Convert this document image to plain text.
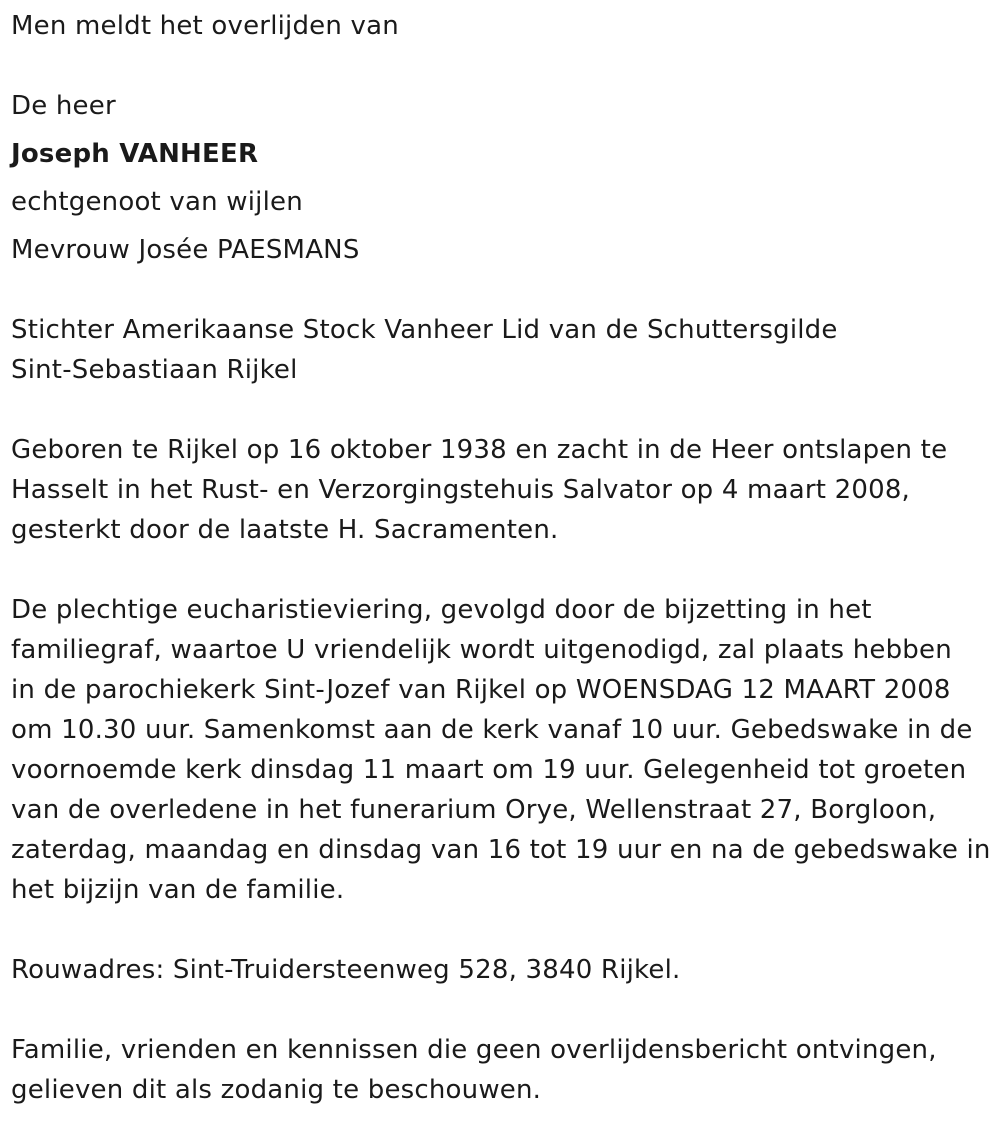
Men meldt het overlijden van
De heer
Joseph VANHEER
echtgenoot van wijlen
Mevrouw Josée PAESMANS
Stichter Amerikaanse Stock Vanheer Lid van de Schuttersgilde
Sint-Sebastiaan Rijkel
Geboren te Rijkel op 16 oktober 1938 en zacht in de Heer ontslapen te
Hasselt in het Rust- en Verzorgingstehuis Salvator op 4 maart 2008,
gesterkt door de laatste H. Sacramenten.
De plechtige eucharistieviering, gevolgd door de bijzetting in het
familiegraf, waartoe U vriendelijk wordt uitgenodigd, zal plaats hebben
in de parochiekerk Sint-Jozef van Rijkel op WOENSDAG 12 MAART 2008
om 10.30 uur. Samenkomst aan de kerk vanaf 10 uur. Gebedswake in de
voornoemde kerk dinsdag 11 maart om 19 uur. Gelegenheid tot groeten
van de overledene in het funerarium Orye, Wellenstraat 27, Borgloon,
zaterdag, maandag en dinsdag van 16 tot 19 uur en na de gebedswake in
het bijzijn van de familie.
Rouwadres: Sint-Truidersteenweg 528, 3840 Rijkel.
Familie, vrienden en kennissen die geen overlijdensbericht ontvingen,
gelieven dit als zodanig te beschouwen.
